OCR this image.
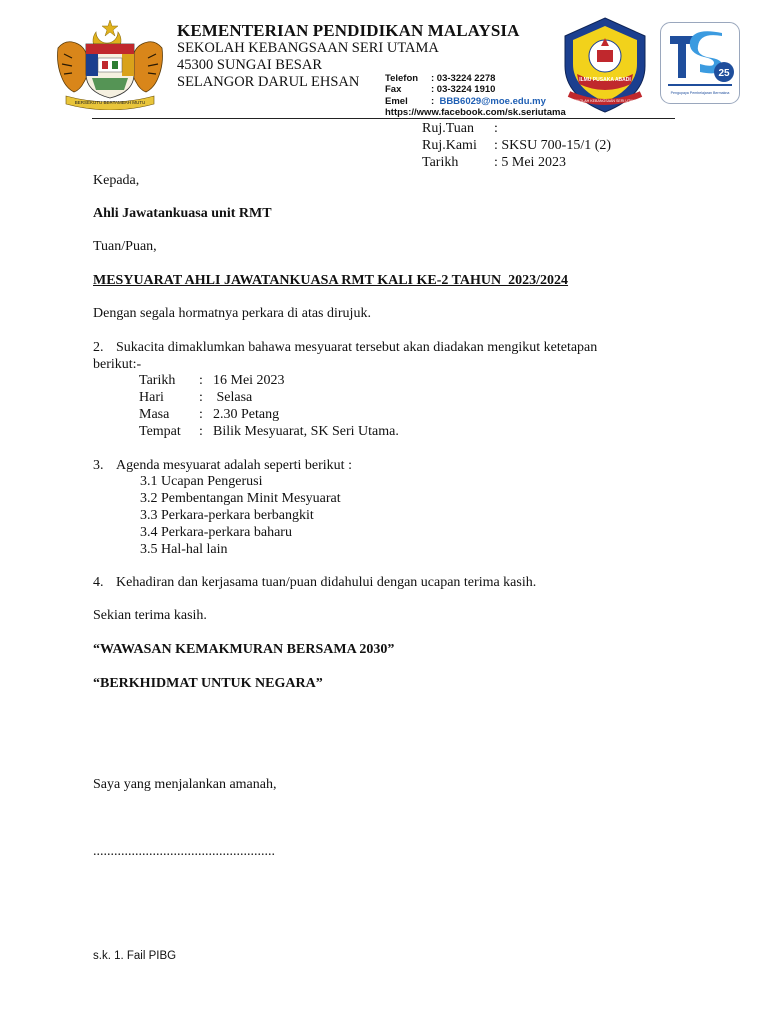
BERSEKUTU BERTAMBAH MUTU
KEMENTERIAN PENDIDIKAN MALAYSIA
SEKOLAH KEBANGSAAN SERI UTAMA
45300 SUNGAI BESAR
SELANGOR DARUL EHSAN	Telefon : 03-3224 2278
Fax	: 03-3224 1910
Emel : BBB6029@moe.edu.my
https://www.facebook.com/sk.seriutama
ILMU PUSAKA ABADI
SEKOLAH KEBANGSAAN SERI UTAMA
25
Pengupaya Pembelajaran Bermakna
Ruj.Tuan :
Ruj.Kami : SKSU 700-15/1 (2)
Tarikh	: 5 Mei 2023
Kepada,
Ahli Jawatankuasa unit RMT
Tuan/Puan,
MESYUARAT AHLI JAWATANKUASA RMT KALI KE-2 TAHUN  2023/2024
Dengan segala hormatnya perkara di atas dirujuk.
2. Sukacita dimaklumkan bahawa mesyuarat tersebut akan diadakan mengikut ketetapan
berikut:-
Tarikh : 16 Mei 2023
Hari	: Selasa
Masa : 2.30 Petang
Tempat : Bilik Mesyuarat, SK Seri Utama.
3. Agenda mesyuarat adalah seperti berikut :
3.1 Ucapan Pengerusi
3.2 Pembentangan Minit Mesyuarat
3.3 Perkara-perkara berbangkit
3.4 Perkara-perkara baharu
3.5 Hal-hal lain
4. Kehadiran dan kerjasama tuan/puan didahului dengan ucapan terima kasih.
Sekian terima kasih.
“WAWASAN KEMAKMURAN BERSAMA 2030”
“BERKHIDMAT UNTUK NEGARA”
Saya yang menjalankan amanah,
....................................................
s.k. 1. Fail PIBG
